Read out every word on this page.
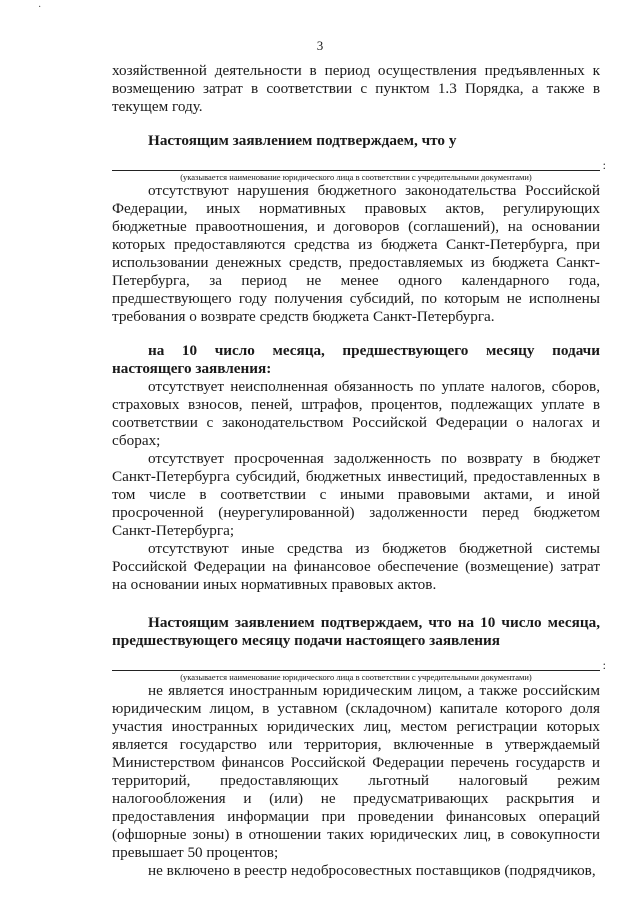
·
3

хозяйственной деятельности в период осуществления предъявленных к возмещению затрат в соответствии с пунктом 1.3 Порядка, а также в текущем году.

Настоящим заявлением подтверждаем, что у

:
(указывается наименование юридического лица в соответствии с учредительными документами)

отсутствуют нарушения бюджетного законодательства Российской Федерации, иных нормативных правовых актов, регулирующих бюджетные правоотношения, и договоров (соглашений), на основании которых предоставляются средства из бюджета Санкт-Петербурга, при использовании денежных средств, предоставляемых из бюджета Санкт-Петербурга, за период не менее одного календарного года, предшествующего году получения субсидий, по которым не исполнены требования о возврате средств бюджета Санкт-Петербурга.

на 10 число месяца, предшествующего месяцу подачи настоящего заявления:

отсутствует неисполненная обязанность по уплате налогов, сборов, страховых взносов, пеней, штрафов, процентов, подлежащих уплате в соответствии с законодательством Российской Федерации о налогах и сборах;

отсутствует просроченная задолженность по возврату в бюджет Санкт-Петербурга субсидий, бюджетных инвестиций, предоставленных в том числе в соответствии с иными правовыми актами, и иной просроченной (неурегулированной) задолженности перед бюджетом Санкт-Петербурга;

отсутствуют иные средства из бюджетов бюджетной системы Российской Федерации на финансовое обеспечение (возмещение) затрат на основании иных нормативных правовых актов.

Настоящим заявлением подтверждаем, что на 10 число месяца, предшествующего месяцу подачи настоящего заявления

:
(указывается наименование юридического лица в соответствии с учредительными документами)

не является иностранным юридическим лицом, а также российским юридическим лицом, в уставном (складочном) капитале которого доля участия иностранных юридических лиц, местом регистрации которых является государство или территория, включенные в утверждаемый Министерством финансов Российской Федерации перечень государств и территорий, предоставляющих льготный налоговый режим налогообложения и (или) не предусматривающих раскрытия и предоставления информации при проведении финансовых операций (офшорные зоны) в отношении таких юридических лиц, в совокупности превышает 50 процентов;

не включено в реестр недобросовестных поставщиков (подрядчиков,
